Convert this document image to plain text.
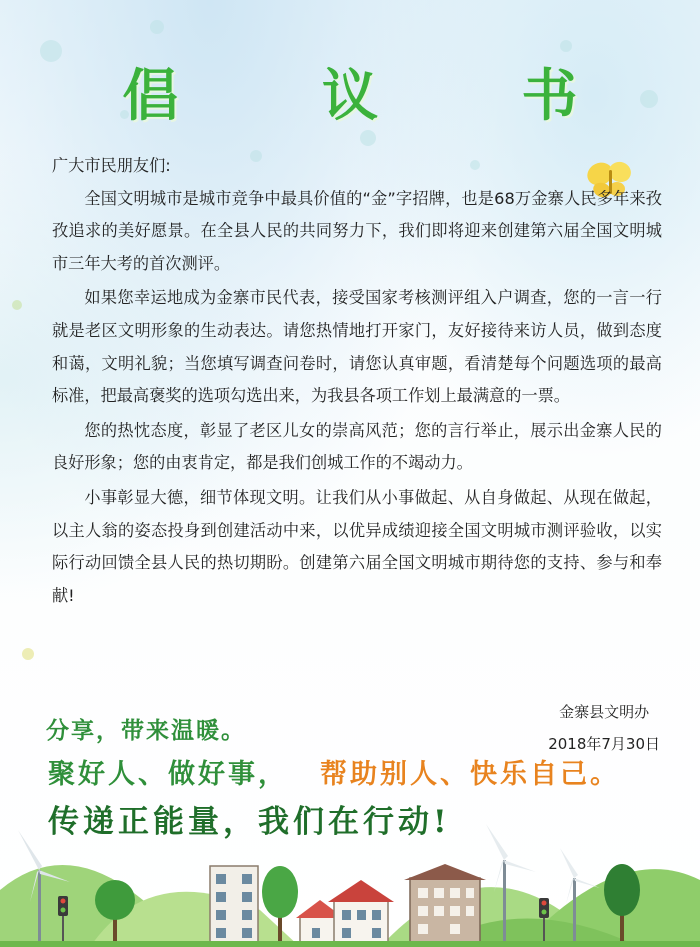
倡 议 书
广大市民朋友们:

全国文明城市是城市竞争中最具价值的“金”字招牌，也是68万金寨人民多年来孜孜追求的美好愿景。在全县人民的共同努力下，我们即将迎来创建第六届全国文明城市三年大考的首次测评。

如果您幸运地成为金寨市民代表，接受国家考核测评组入户调查，您的一言一行就是老区文明形象的生动表达。请您热情地打开家门，友好接待来访人员，做到态度和蔼，文明礼貌；当您填写调查问卷时，请您认真审题，看清楚每个问题选项的最高标准，把最高褒奖的选项勾选出来，为我县各项工作划上最满意的一票。

您的热忱态度，彰显了老区儿女的崇高风范；您的言行举止，展示出金寨人民的良好形象；您的由衷肯定，都是我们创城工作的不竭动力。

小事彰显大德，细节体现文明。让我们从小事做起、从自身做起、从现在做起，以主人翁的姿态投身到创建活动中来，以优异成绩迎接全国文明城市测评验收，以实际行动回馈全县人民的热切期盼。创建第六届全国文明城市期待您的支持、参与和奉献!

金寨县文明办
2018年7月30日
分享，带来温暖。
聚好人、做好事， 帮助别人、快乐自己。
传递正能量，我们在行动!
